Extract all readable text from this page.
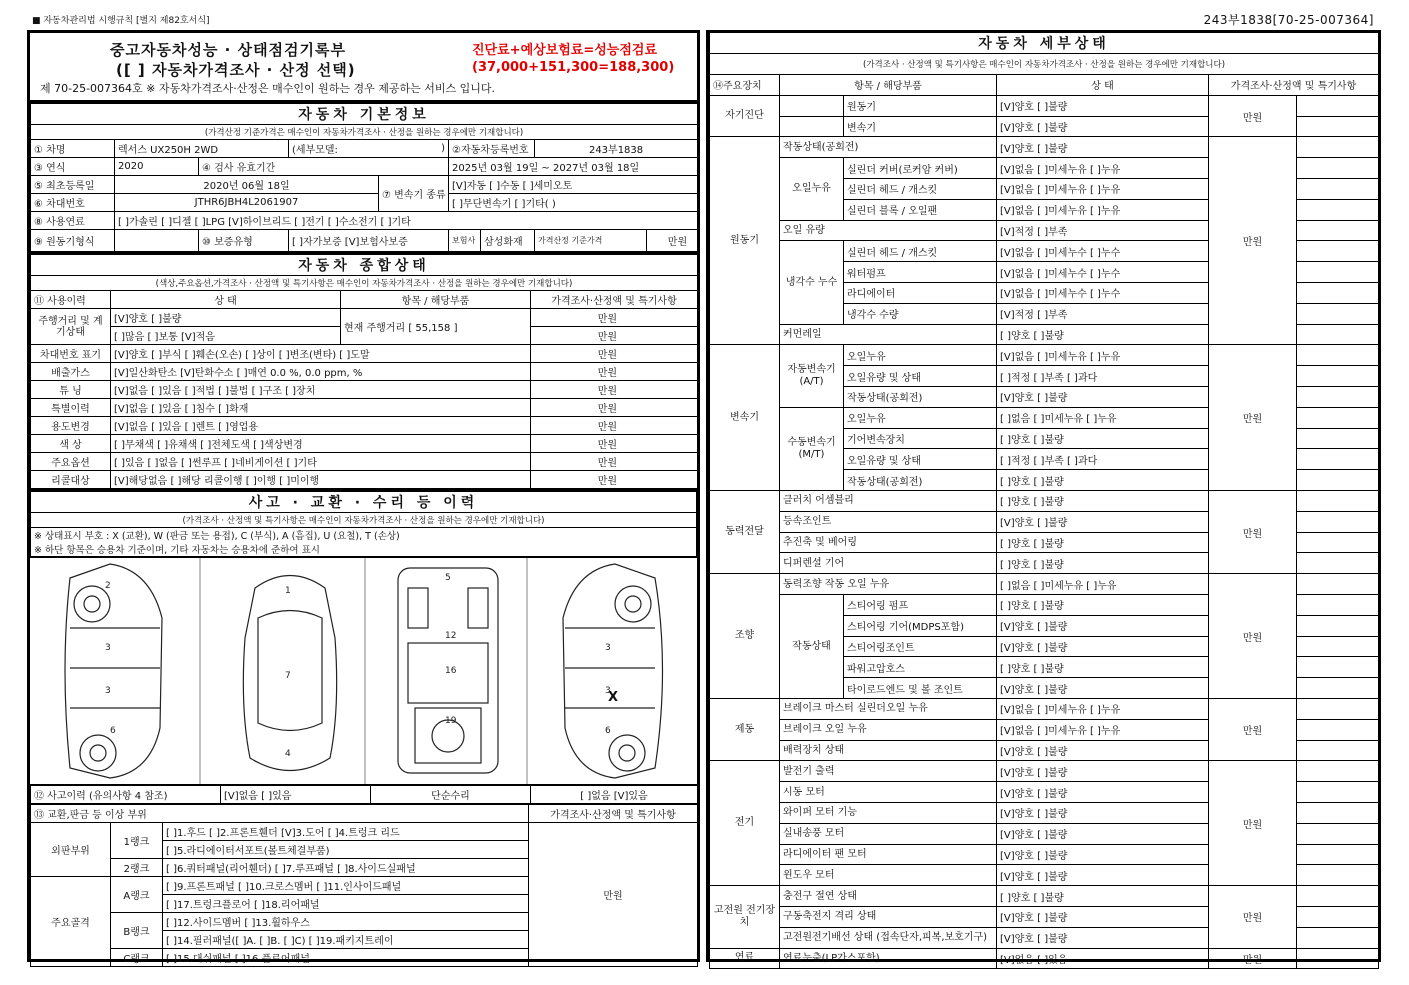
■ 자동차관리법 시행규칙 [별지 제82호서식]	243부1838[70-25-007364]
중고자동차성능 · 상태점검기록부
([ ] 자동차가격조사 · 산정 선택)
제 70-25-007364호 ※ 자동차가격조사·산정은 매수인이 원하는 경우 제공하는 서비스 입니다.
진단료+예상보험료=성능점검료
(37,000+151,300=188,300)
자동차 기본정보								
(가격산정 기준가격은 매수인이 자동차가격조사 · 산정을 원하는 경우에만 기재합니다)								
① 차명	렉서스 UX250H 2WD		(세부모델:	)	②자동차등록번호		243부1838	
③ 연식	2020	④ 검사 유효기간			2025년 03월 19일 ~ 2027년 03월 18일			
⑤ 최초등록일	2020년 06월 18일			⑦ 변속기 종류	[V]자동 [ ]수동 [ ]세미오토			
⑥ 차대번호	JTHR6JBH4L2061907				[ ]무단변속기 [ ]기타( )			
⑧ 사용연료	[ ]가솔린 [ ]디젤 [ ]LPG [V]하이브리드 [ ]전기 [ ]수소전기 [ ]기타							
⑨ 원동기형식		⑩ 보증유형	[ ]자가보증 [V]보험사보증		보험사	삼성화재	가격산정 기준가격	만원
자동차 종합상태			
(색상,주요옵션,가격조사 · 산정액 및 특기사항은 매수인이 자동차가격조사 · 산정을 원하는 경우에만 기재합니다)			
⑪ 사용이력	상 태	항목 / 해당부품	가격조사·산정액 및 특기사항
주행거리 및 계기상태	[V]양호 [ ]불량	현재 주행거리 [ 55,158 ]	만원
	[ ]많음 [ ]보통 [V]적음		만원
차대번호 표기	[V]양호 [ ]부식 [ ]훼손(오손) [ ]상이 [ ]변조(변타) [ ]도말		만원
배출가스	[V]일산화탄소 [V]탄화수소 [ ]매연 0.0 %, 0.0 ppm, %		만원
튜 닝	[V]없음 [ ]있음 [ ]적법 [ ]불법 [ ]구조 [ ]장치		만원
특별이력	[V]없음 [ ]있음 [ ]침수 [ ]화재		만원
용도변경	[V]없음 [ ]있음 [ ]렌트 [ ]영업용		만원
색 상	[ ]무채색 [ ]유채색 [ ]전체도색 [ ]색상변경		만원
주요옵션	[ ]있음 [ ]없음 [ ]썬루프 [ ]네비게이션 [ ]기타		만원
리콜대상	[V]해당없음 [ ]해당 리콜이행 [ ]이행 [ ]미이행		만원
사고 · 교환 · 수리 등 이력
(가격조사 · 산정액 및 특기사항은 매수인이 자동차가격조사 · 산정을 원하는 경우에만 기재합니다)
※ 상태표시 부호 : X (교환), W (판금 또는 용접), C (부식), A (흠집), U (요철), T (손상)
※ 하단 항목은 승용차 기준이며, 기타 자동차는 승용차에 준하여 표시
2
3
3
6
1
7
4
5
12
16
19
3
3
6
X
⑫ 사고이력 (유의사항 4 참조)	[V]없음 [ ]있음	단순수리	[ ]없음 [V]있음
⑬ 교환,판금 등 이상 부위			가격조사·산정액 및 특기사항
외판부위	1랭크	[ ]1.후드 [ ]2.프론트휀더 [V]3.도어 [ ]4.트렁크 리드	만원
		[ ]5.라디에이터서포트(볼트체결부품)	
	2랭크	[ ]6.쿼터패널(리어휀더) [ ]7.루프패널 [ ]8.사이드실패널	
주요골격	A랭크	[ ]9.프론트패널 [ ]10.크로스멤버 [ ]11.인사이드패널	
		[ ]17.트렁크플로어 [ ]18.리어패널	
	B랭크	[ ]12.사이드멤버 [ ]13.휠하우스	
		[ ]14.필러패널([ ]A. [ ]B. [ ]C) [ ]19.패키지트레이	
	C랭크	[ ]15.대쉬패널 [ ]16.플로어패널	
자동차 세부상태					
(가격조사 · 산정액 및 특기사항은 매수인이 자동차가격조사 · 산정을 원하는 경우에만 기재합니다)					
⑭주요장치	항목 / 해당부품		상 태	가격조사·산정액 및 특기사항	
자기진단		원동기	[V]양호 [ ]불량	만원	
		변속기	[V]양호 [ ]불량		
원동기	작동상태(공회전)		[V]양호 [ ]불량	만원	
	오일누유	실린더 커버(로커암 커버)	[V]없음 [ ]미세누유 [ ]누유		
		실린더 헤드 / 개스킷	[V]없음 [ ]미세누유 [ ]누유		
		실린더 블록 / 오일팬	[V]없음 [ ]미세누유 [ ]누유		
	오일 유량		[V]적정 [ ]부족		
	냉각수 누수	실린더 헤드 / 개스킷	[V]없음 [ ]미세누수 [ ]누수		
		워터펌프	[V]없음 [ ]미세누수 [ ]누수		
		라디에이터	[V]없음 [ ]미세누수 [ ]누수		
		냉각수 수량	[V]적정 [ ]부족		
	커먼레일		[ ]양호 [ ]불량		
변속기	자동변속기 (A/T)	오일누유	[V]없음 [ ]미세누유 [ ]누유	만원	
		오일유량 및 상태	[ ]적정 [ ]부족 [ ]과다		
		작동상태(공회전)	[V]양호 [ ]불량		
	수동변속기 (M/T)	오일누유	[ ]없음 [ ]미세누유 [ ]누유		
		기어변속장치	[ ]양호 [ ]불량		
		오일유량 및 상태	[ ]적정 [ ]부족 [ ]과다		
		작동상태(공회전)	[ ]양호 [ ]불량		
동력전달	클러치 어셈블리		[ ]양호 [ ]불량	만원	
	등속조인트		[V]양호 [ ]불량		
	추진축 및 베어링		[ ]양호 [ ]불량		
	디퍼렌셜 기어		[ ]양호 [ ]불량		
조향	동력조향 작동 오일 누유		[ ]없음 [ ]미세누유 [ ]누유	만원	
	작동상태	스티어링 펌프	[ ]양호 [ ]불량		
		스티어링 기어(MDPS포함)	[V]양호 [ ]불량		
		스티어링조인트	[V]양호 [ ]불량		
		파워고압호스	[ ]양호 [ ]불량		
		타이로드엔드 및 볼 조인트	[V]양호 [ ]불량		
제동	브레이크 마스터 실린더오일 누유		[V]없음 [ ]미세누유 [ ]누유	만원	
	브레이크 오일 누유		[V]없음 [ ]미세누유 [ ]누유		
	배력장치 상태		[V]양호 [ ]불량		
전기	발전기 출력		[V]양호 [ ]불량	만원	
	시동 모터		[V]양호 [ ]불량		
	와이퍼 모터 기능		[V]양호 [ ]불량		
	실내송풍 모터		[V]양호 [ ]불량		
	라디에이터 팬 모터		[V]양호 [ ]불량		
	윈도우 모터		[V]양호 [ ]불량		
고전원 전기장치	충전구 절연 상태		[ ]양호 [ ]불량	만원	
	구동축전지 격리 상태		[V]양호 [ ]불량		
	고전원전기배선 상태 (접속단자,피복,보호기구)		[V]양호 [ ]불량		
연료	연료누출(LP가스포함)		[V]없음 [ ]있음	만원	
